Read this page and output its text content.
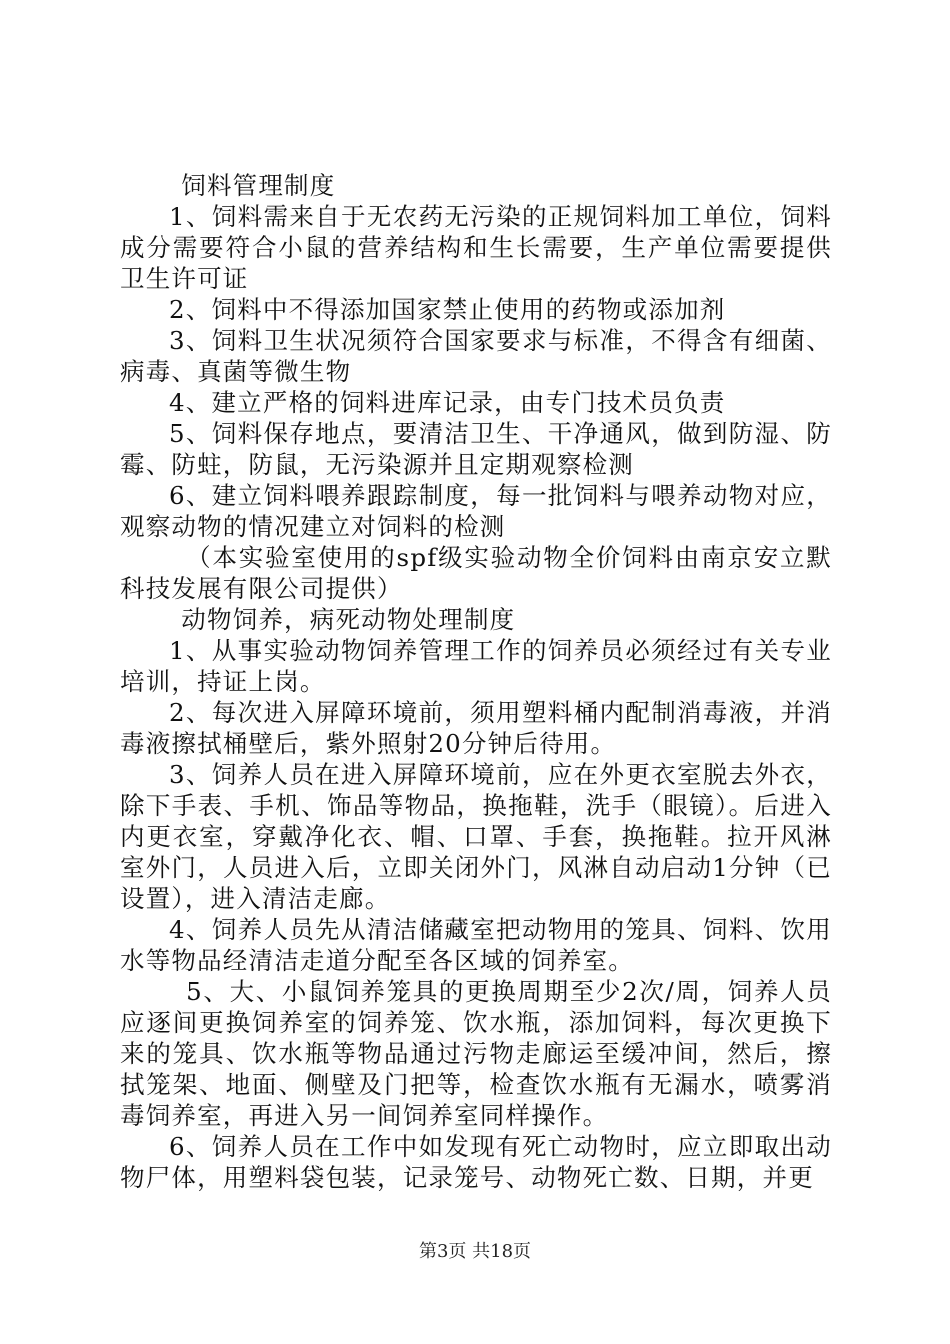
饲料管理制度

1、饲料需来自于无农药无污染的正规饲料加工单位，饲料成分需要符合小鼠的营养结构和生长需要，生产单位需要提供卫生许可证

2、饲料中不得添加国家禁止使用的药物或添加剂

3、饲料卫生状况须符合国家要求与标准，不得含有细菌、病毒、真菌等微生物

4、建立严格的饲料进库记录，由专门技术员负责

5、饲料保存地点，要清洁卫生、干净通风，做到防湿、防霉、防蛀，防鼠，无污染源并且定期观察检测

6、建立饲料喂养跟踪制度，每一批饲料与喂养动物对应，观察动物的情况建立对饲料的检测

（本实验室使用的spf级实验动物全价饲料由南京安立默科技发展有限公司提供）

动物饲养，病死动物处理制度

1、从事实验动物饲养管理工作的饲养员必须经过有关专业培训，持证上岗。

2、每次进入屏障环境前，须用塑料桶内配制消毒液，并消毒液擦拭桶壁后，紫外照射20分钟后待用。

3、饲养人员在进入屏障环境前，应在外更衣室脱去外衣，除下手表、手机、饰品等物品，换拖鞋，洗手（眼镜）。后进入内更衣室，穿戴净化衣、帽、口罩、手套，换拖鞋。拉开风淋室外门，人员进入后，立即关闭外门，风淋自动启动1分钟（已设置），进入清洁走廊。

4、饲养人员先从清洁储藏室把动物用的笼具、饲料、饮用水等物品经清洁走道分配至各区域的饲养室。

5、大、小鼠饲养笼具的更换周期至少2次/周，饲养人员应逐间更换饲养室的饲养笼、饮水瓶，添加饲料，每次更换下来的笼具、饮水瓶等物品通过污物走廊运至缓冲间，然后，擦拭笼架、地面、侧壁及门把等，检查饮水瓶有无漏水，喷雾消毒饲养室，再进入另一间饲养室同样操作。

6、饲养人员在工作中如发现有死亡动物时，应立即取出动物尸体，用塑料袋包装，记录笼号、动物死亡数、日期，并更

第3页 共18页
